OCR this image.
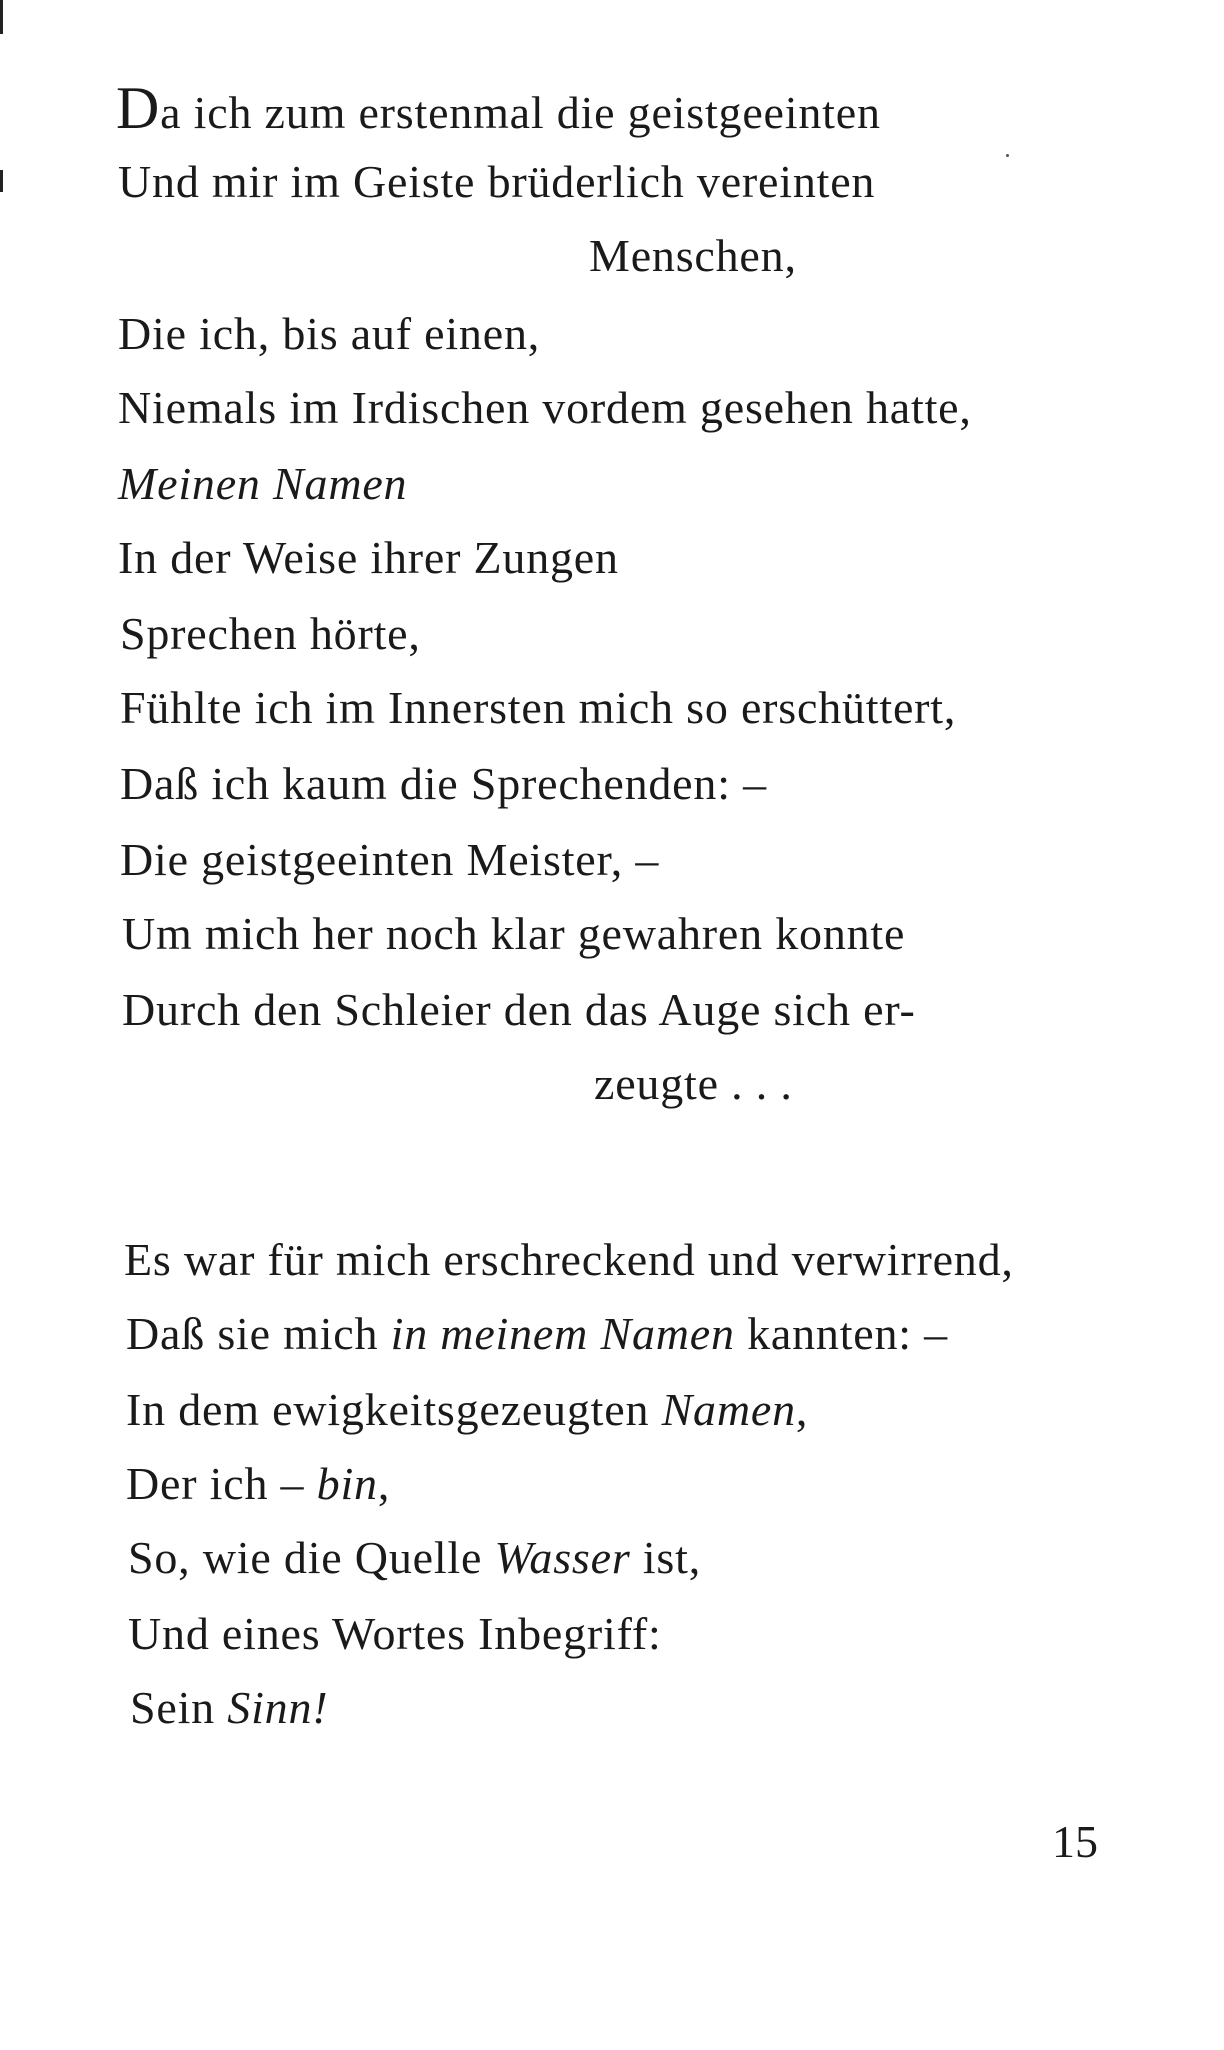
Da ich zum erstenmal die geistgeeinten
Und mir im Geiste brüderlich vereinten
Menschen,
Die ich, bis auf einen,
Niemals im Irdischen vordem gesehen hatte,
Meinen Namen
In der Weise ihrer Zungen
Sprechen hörte,
Fühlte ich im Innersten mich so erschüttert,
Daß ich kaum die Sprechenden: –
Die geistgeeinten Meister, –
Um mich her noch klar gewahren konnte
Durch den Schleier den das Auge sich er-
zeugte . . .
Es war für mich erschreckend und verwirrend,
Daß sie mich in meinem Namen kannten: –
In dem ewigkeitsgezeugten Namen,
Der ich – bin,
So, wie die Quelle Wasser ist,
Und eines Wortes Inbegriff:
Sein Sinn!
15
